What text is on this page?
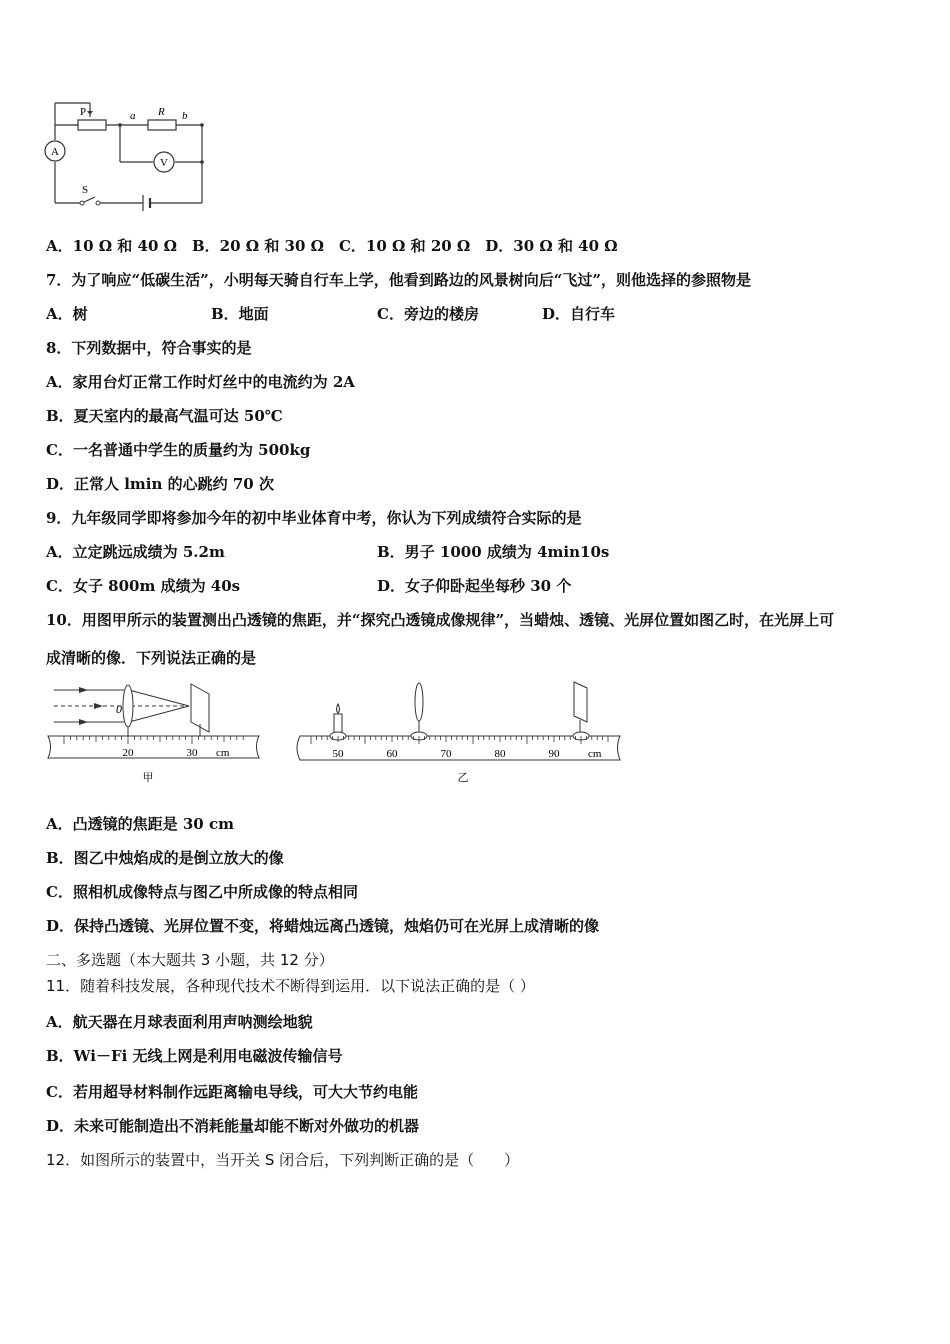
A
V
P	R
a	b
S
A．10 Ω 和 40 Ω　B．20 Ω 和 30 Ω　C．10 Ω 和 20 Ω　D．30 Ω 和 40 Ω
7．为了响应“低碳生活”，小明每天骑自行车上学，他看到路边的风景树向后“飞过”，则他选择的参照物是
A．树	B．地面	C．旁边的楼房	D．自行车
8．下列数据中，符合事实的是
A．家用台灯正常工作时灯丝中的电流约为 2A
B．夏天室内的最高气温可达 50℃
C．一名普通中学生的质量约为 500kg
D．正常人 lmin 的心跳约 70 次
9．九年级同学即将参加今年的初中毕业体育中考，你认为下列成绩符合实际的是
A．立定跳远成绩为 5.2m	B．男子 1000 成绩为 4min10s
C．女子 800m 成绩为 40s	D．女子仰卧起坐每秒 30 个
10．用图甲所示的装置测出凸透镜的焦距，并“探究凸透镜成像规律”，当蜡烛、透镜、光屏位置如图乙时，在光屏上可
成清晰的像．下列说法正确的是
0
20	30 cm
甲
50	60	70	80	90	cm
乙
A．凸透镜的焦距是 30 cm
B．图乙中烛焰成的是倒立放大的像
C．照相机成像特点与图乙中所成像的特点相同
D．保持凸透镜、光屏位置不变，将蜡烛远离凸透镜，烛焰仍可在光屏上成清晰的像
二、多选题（本大题共 3 小题，共 12 分）
11．随着科技发展，各种现代技术不断得到运用．以下说法正确的是（ ）
A．航天器在月球表面利用声呐测绘地貌
B．Wi－Fi 无线上网是利用电磁波传输信号
C．若用超导材料制作远距离输电导线，可大大节约电能
D．未来可能制造出不消耗能量却能不断对外做功的机器
12．如图所示的装置中，当开关 S 闭合后，下列判断正确的是（　　）
